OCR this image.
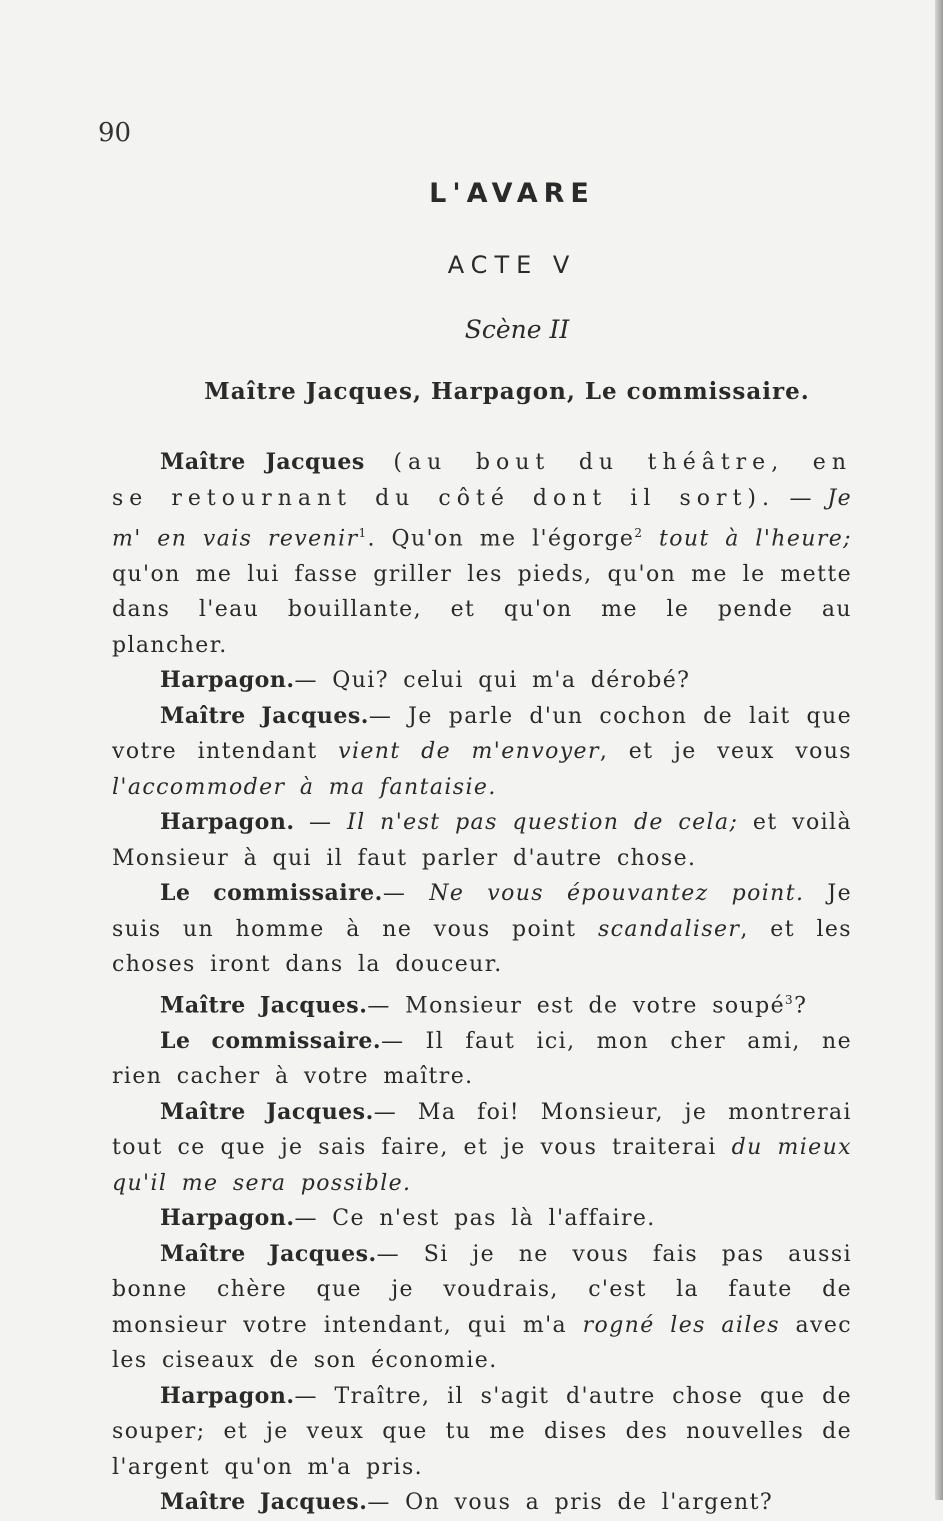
90
L'AVARE
ACTE V
Scène II
Maître Jacques, Harpagon, Le commissaire.

Maître Jacques (au bout du théâtre, en se retournant du côté dont il sort). — Je m' en vais revenir$^1$. Qu'on me l'égorge$^2$ tout à l'heure; qu'on me lui fasse griller les pieds, qu'on me le mette dans l'eau bouillante, et qu'on me le pende au plancher.

Harpagon.— Qui? celui qui m'a dérobé?

Maître Jacques.— Je parle d'un cochon de lait que votre intendant vient de m'envoyer, et je veux vous l'accommoder à ma fantaisie.

Harpagon. — Il n'est pas question de cela; et voilà Monsieur à qui il faut parler d'autre chose.

Le commissaire.— Ne vous épouvantez point. Je suis un homme à ne vous point scandaliser, et les choses iront dans la douceur.

Maître Jacques.— Monsieur est de votre soupé$^3$?

Le commissaire.— Il faut ici, mon cher ami, ne rien cacher à votre maître.

Maître Jacques.— Ma foi! Monsieur, je montrerai tout ce que je sais faire, et je vous traiterai du mieux qu'il me sera possible.

Harpagon.— Ce n'est pas là l'affaire.

Maître Jacques.— Si je ne vous fais pas aussi bonne chère que je voudrais, c'est la faute de monsieur votre intendant, qui m'a rogné les ailes avec les ciseaux de son économie.

Harpagon.— Traître, il s'agit d'autre chose que de souper; et je veux que tu me dises des nouvelles de l'argent qu'on m'a pris.

Maître Jacques.— On vous a pris de l'argent?
